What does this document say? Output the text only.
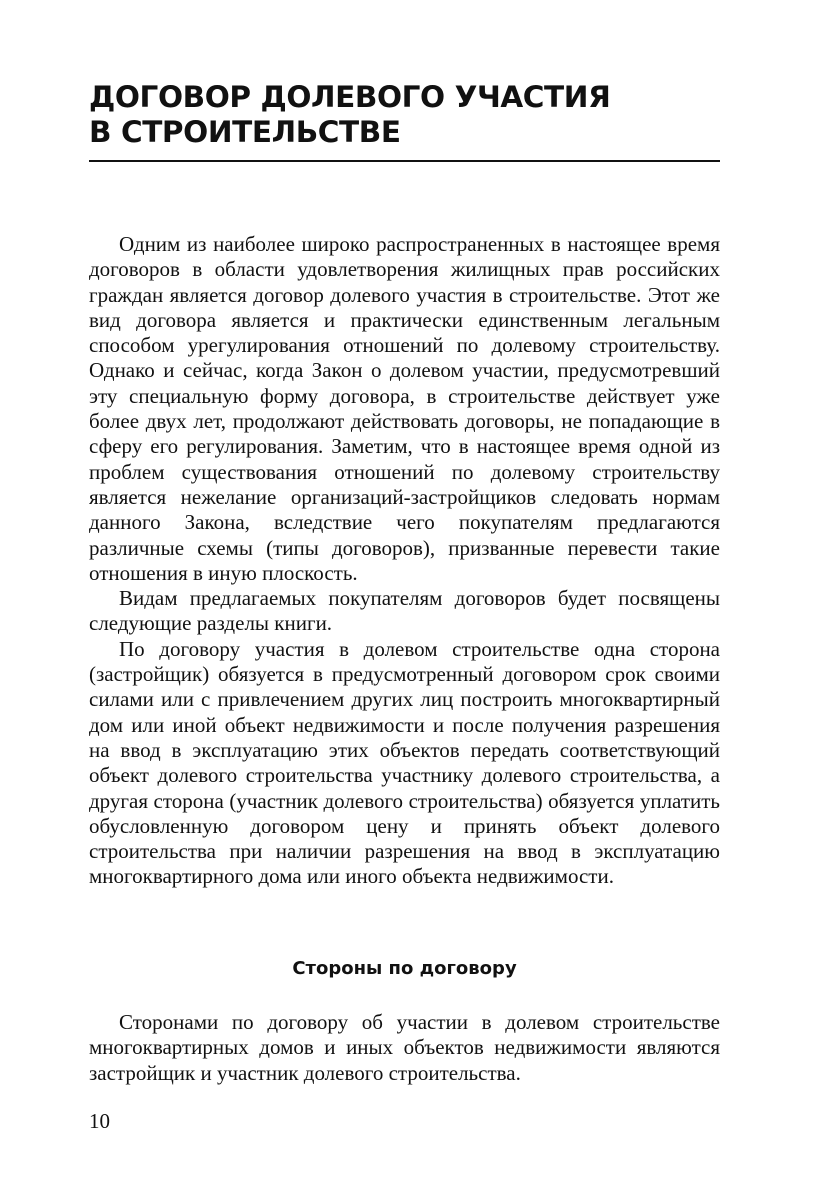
ДОГОВОР ДОЛЕВОГО УЧАСТИЯ
В СТРОИТЕЛЬСТВЕ

Одним из наиболее широко распространенных в настоящее время договоров в области удовлетворения жилищных прав российских граждан является договор долевого участия в строительстве. Этот же вид договора является и практически единственным легальным способом урегулирования отношений по долевому строительству. Однако и сейчас, когда Закон о долевом участии, предусмотревший эту специальную форму договора, в строительстве действует уже более двух лет, продолжают действовать договоры, не попадающие в сферу его регулирования. Заметим, что в настоящее время одной из проблем существования отношений по долевому строительству является нежелание организаций-застройщиков следовать нормам данного Закона, вследствие чего покупателям предлагаются различные схемы (типы договоров), призванные перевести такие отношения в иную плоскость.

Видам предлагаемых покупателям договоров будет посвящены следующие разделы книги.

По договору участия в долевом строительстве одна сторона (застройщик) обязуется в предусмотренный договором срок своими силами или с привлечением других лиц построить многоквартирный дом или иной объект недвижимости и после получения разрешения на ввод в эксплуатацию этих объектов передать соответствующий объект долевого строительства участнику долевого строительства, а другая сторона (участник долевого строительства) обязуется уплатить обусловленную договором цену и принять объект долевого строительства при наличии разрешения на ввод в эксплуатацию многоквартирного дома или иного объекта недвижимости.

Стороны по договору

Сторонами по договору об участии в долевом строительстве многоквартирных домов и иных объектов недвижимости являются застройщик и участник долевого строительства.

10
